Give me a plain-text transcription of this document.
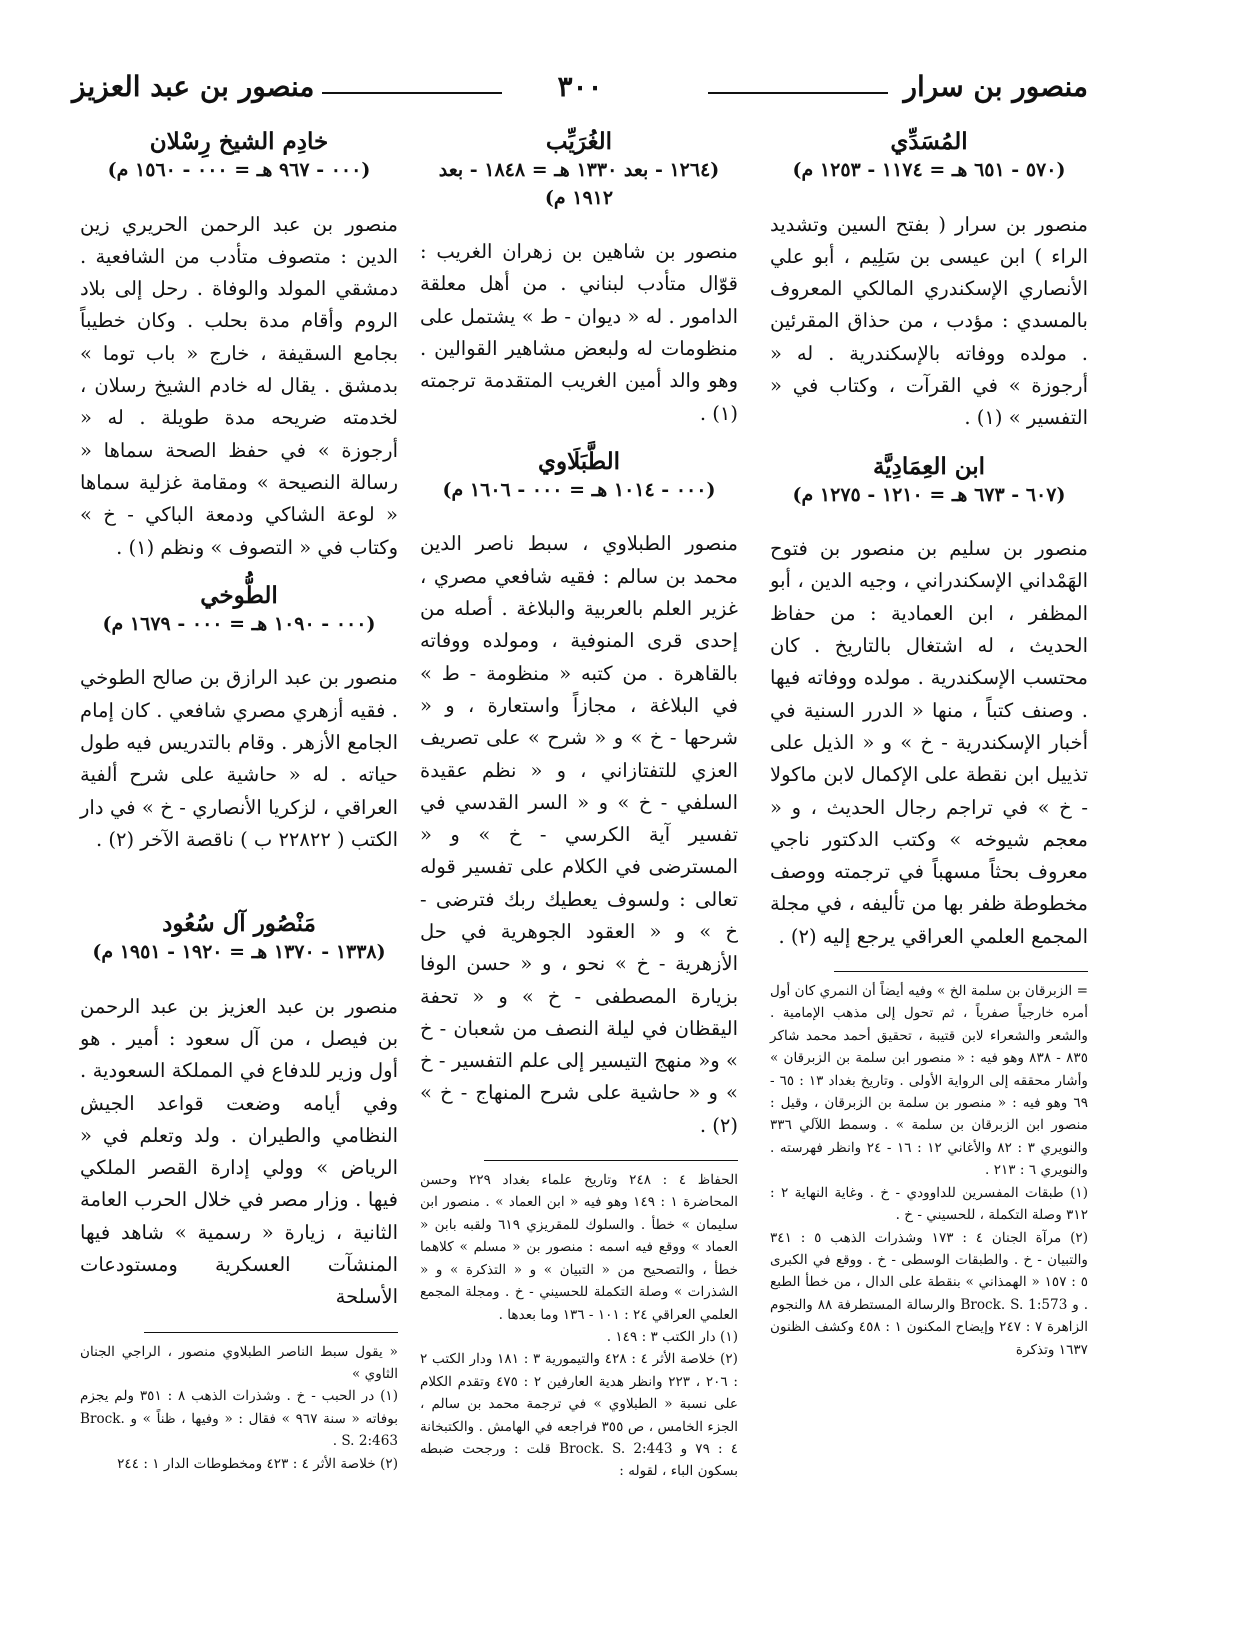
منصور بن سرار
٣٠٠
منصور بن عبد العزيز
المُسَدِّي
(٥٧٠ - ٦٥١ هـ = ١١٧٤ - ١٢٥٣ م)

منصور بن سرار ( بفتح السين وتشديد الراء ) ابن عيسى بن سَلِيم ، أبو علي الأنصاري الإسكندري المالكي المعروف بالمسدي : مؤدب ، من حذاق المقرئين . مولده ووفاته بالإسكندرية . له « أرجوزة » في القرآت ، وكتاب في « التفسير » (١) .

ابن العِمَادِيَّة
(٦٠٧ - ٦٧٣ هـ = ١٢١٠ - ١٢٧٥ م)

منصور بن سليم بن منصور بن فتوح الهَمْداني الإسكندراني ، وجيه الدين ، أبو المظفر ، ابن العمادية : من حفاظ الحديث ، له اشتغال بالتاريخ . كان محتسب الإسكندرية . مولده ووفاته فيها . وصنف كتباً ، منها « الدرر السنية في أخبار الإسكندرية - خ » و « الذيل على تذييل ابن نقطة على الإكمال لابن ماكولا - خ » في تراجم رجال الحديث ، و « معجم شيوخه » وكتب الدكتور ناجي معروف بحثاً مسهباً في ترجمته ووصف مخطوطة ظفر بها من تأليفه ، في مجلة المجمع العلمي العراقي يرجع إليه (٢) .

= الزبرقان بن سلمة الخ » وفيه أيضاً أن النمري كان أول أمره خارجياً صفرياً ، ثم تحول إلى مذهب الإمامية . والشعر والشعراء لابن قتيبة ، تحقيق أحمد محمد شاكر ٨٣٥ - ٨٣٨ وهو فيه : « منصور ابن سلمة بن الزبرقان » وأشار محققه إلى الرواية الأولى . وتاريخ بغداد ١٣ : ٦٥ - ٦٩ وهو فيه : « منصور بن سلمة بن الزبرقان ، وقيل : منصور ابن الزبرقان بن سلمة » . وسمط اللآلي ٣٣٦ والنويري ٣ : ٨٢ والأغاني ١٢ : ١٦ - ٢٤ وانظر فهرسته . والنويري ٦ : ٢١٣ .

(١) طبقات المفسرين للداوودي - خ . وغاية النهاية ٢ : ٣١٢ وصلة التكملة ، للحسيني - خ .

(٢) مرآة الجنان ٤ : ١٧٣ وشذرات الذهب ٥ : ٣٤١ والتبيان - خ . والطبقات الوسطى - خ . ووقع في الكبرى ٥ : ١٥٧ « الهمذاني » بنقطة على الدال ، من خطأ الطبع . و Brock. S. 1:573 والرسالة المستطرفة ٨٨ والنجوم الزاهرة ٧ : ٢٤٧ وإيضاح المكنون ١ : ٤٥٨ وكشف الظنون ١٦٣٧ وتذكرة

الغُرَيِّب
(١٢٦٤ - بعد ١٣٣٠ هـ = ١٨٤٨ - بعد ١٩١٢ م)

منصور بن شاهين بن زهران الغريب : قوّال متأدب لبناني . من أهل معلقة الدامور . له « ديوان - ط » يشتمل على منظومات له ولبعض مشاهير القوالين . وهو والد أمين الغريب المتقدمة ترجمته (١) .

الطَّبَلَاوي
(٠٠٠ - ١٠١٤ هـ = ٠٠٠ - ١٦٠٦ م)

منصور الطبلاوي ، سبط ناصر الدين محمد بن سالم : فقيه شافعي مصري ، غزير العلم بالعربية والبلاغة . أصله من إحدى قرى المنوفية ، ومولده ووفاته بالقاهرة . من كتبه « منظومة - ط » في البلاغة ، مجازاً واستعارة ، و « شرحها - خ » و « شرح » على تصريف العزي للتفتازاني ، و « نظم عقيدة السلفي - خ » و « السر القدسي في تفسير آية الكرسي - خ » و « المسترضى في الكلام على تفسير قوله تعالى : ولسوف يعطيك ربك فترضى - خ » و « العقود الجوهرية في حل الأزهرية - خ » نحو ، و « حسن الوفا بزيارة المصطفى - خ » و « تحفة اليقظان في ليلة النصف من شعبان - خ » و« منهج التيسير إلى علم التفسير - خ » و « حاشية على شرح المنهاج - خ » (٢) .

الحفاظ ٤ : ٢٤٨ وتاريخ علماء بغداد ٢٢٩ وحسن المحاضرة ١ : ١٤٩ وهو فيه « ابن العماد » . منصور ابن سليمان » خطأ . والسلوك للمقريزي ٦١٩ ولقبه بابن « العماد » ووقع فيه اسمه : منصور بن « مسلم » كلاهما خطأ ، والتصحيح من « التبيان » و « التذكرة » و « الشذرات » وصلة التكملة للحسيني - خ . ومجلة المجمع العلمي العراقي ٢٤ : ١٠١ - ١٣٦ وما بعدها .

(١) دار الكتب ٣ : ١٤٩ .

(٢) خلاصة الأثر ٤ : ٤٢٨ والتيمورية ٣ : ١٨١ ودار الكتب ٢ : ٢٠٦ ، ٢٢٣ وانظر هدية العارفين ٢ : ٤٧٥ وتقدم الكلام على نسبة « الطبلاوي » في ترجمة محمد بن سالم ، الجزء الخامس ، ص ٣٥٥ فراجعه في الهامش . والكتبخانة ٤ : ٧٩ و Brock. S. 2:443 قلت : ورجحت ضبطه بسكون الباء ، لقوله :

خادِم الشيخ رِسْلان
(٠٠٠ - ٩٦٧ هـ = ٠٠٠ - ١٥٦٠ م)

منصور بن عبد الرحمن الحريري زين الدين : متصوف متأدب من الشافعية . دمشقي المولد والوفاة . رحل إلى بلاد الروم وأقام مدة بحلب . وكان خطيباً بجامع السقيفة ، خارج « باب توما » بدمشق . يقال له خادم الشيخ رسلان ، لخدمته ضريحه مدة طويلة . له « أرجوزة » في حفظ الصحة سماها « رسالة النصيحة » ومقامة غزلية سماها « لوعة الشاكي ودمعة الباكي - خ » وكتاب في « التصوف » ونظم (١) .

الطُّوخي
(٠٠٠ - ١٠٩٠ هـ = ٠٠٠ - ١٦٧٩ م)

منصور بن عبد الرازق بن صالح الطوخي . فقيه أزهري مصري شافعي . كان إمام الجامع الأزهر . وقام بالتدريس فيه طول حياته . له « حاشية على شرح ألفية العراقي ، لزكريا الأنصاري - خ » في دار الكتب ( ٢٢٨٢٢ ب ) ناقصة الآخر (٢) .

مَنْصُور آل سُعُود
(١٣٣٨ - ١٣٧٠ هـ = ١٩٢٠ - ١٩٥١ م)

منصور بن عبد العزيز بن عبد الرحمن بن فيصل ، من آل سعود : أمير . هو أول وزير للدفاع في المملكة السعودية . وفي أيامه وضعت قواعد الجيش النظامي والطيران . ولد وتعلم في « الرياض » وولي إدارة القصر الملكي فيها . وزار مصر في خلال الحرب العامة الثانية ، زيارة « رسمية » شاهد فيها المنشآت العسكرية ومستودعات الأسلحة

« يقول سبط الناصر الطبلاوي منصور ، الراجي الجنان الثاوي »

(١) در الحبب - خ . وشذرات الذهب ٨ : ٣٥١ ولم يجزم بوفاته « سنة ٩٦٧ » فقال : « وفيها ، ظناً » و Brock. S. 2:463 .

(٢) خلاصة الأثر ٤ : ٤٢٣ ومخطوطات الدار ١ : ٢٤٤
